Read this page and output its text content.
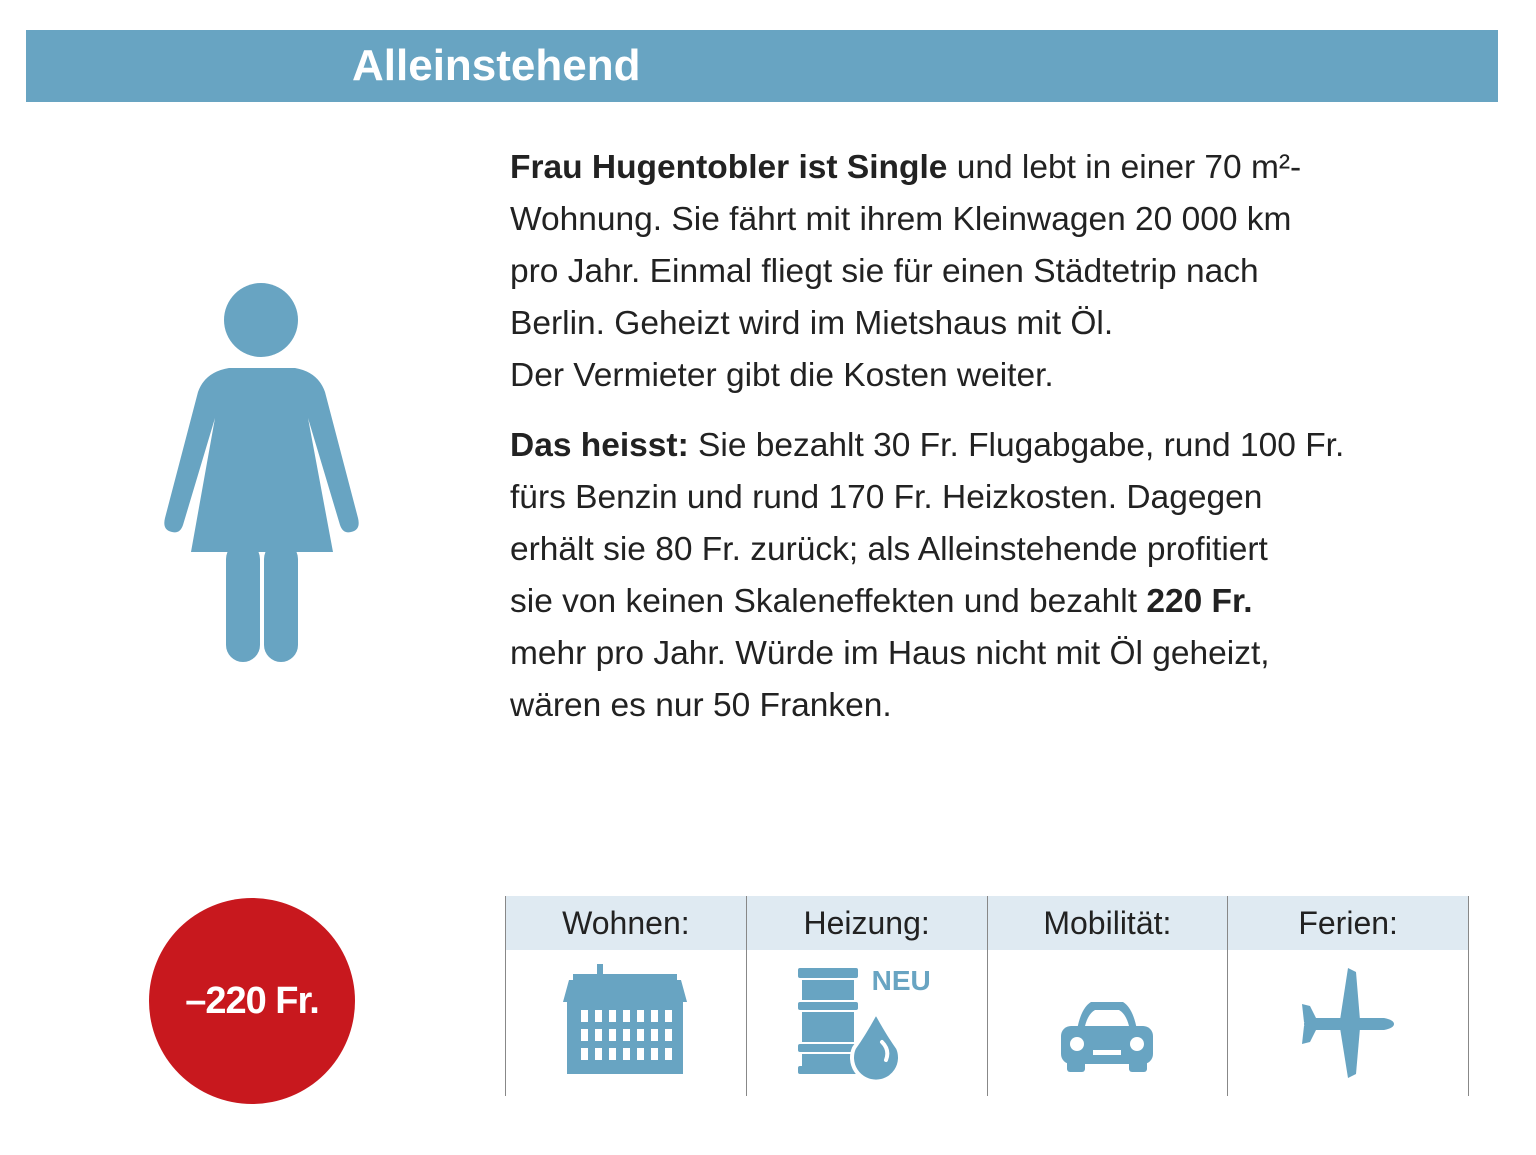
Alleinstehend

Frau Hugentobler ist Single und lebt in einer 70 m²-
Wohnung. Sie fährt mit ihrem Kleinwagen 20 000 km
pro Jahr. Einmal fliegt sie für einen Städtetrip nach
Berlin. Geheizt wird im Mietshaus mit Öl.
Der Vermieter gibt die Kosten weiter.

Das heisst: Sie bezahlt 30 Fr. Flugabgabe, rund 100 Fr.
fürs Benzin und rund 170 Fr. Heizkosten. Dagegen
erhält sie 80 Fr. zurück; als Alleinstehende profitiert
sie von keinen Skaleneffekten und bezahlt 220 Fr.
mehr pro Jahr. Würde im Haus nicht mit Öl geheizt,
wären es nur 50 Franken.

–220 Fr.
Wohnen:	Heizung:
NEU
Mobilität:	Ferien:
